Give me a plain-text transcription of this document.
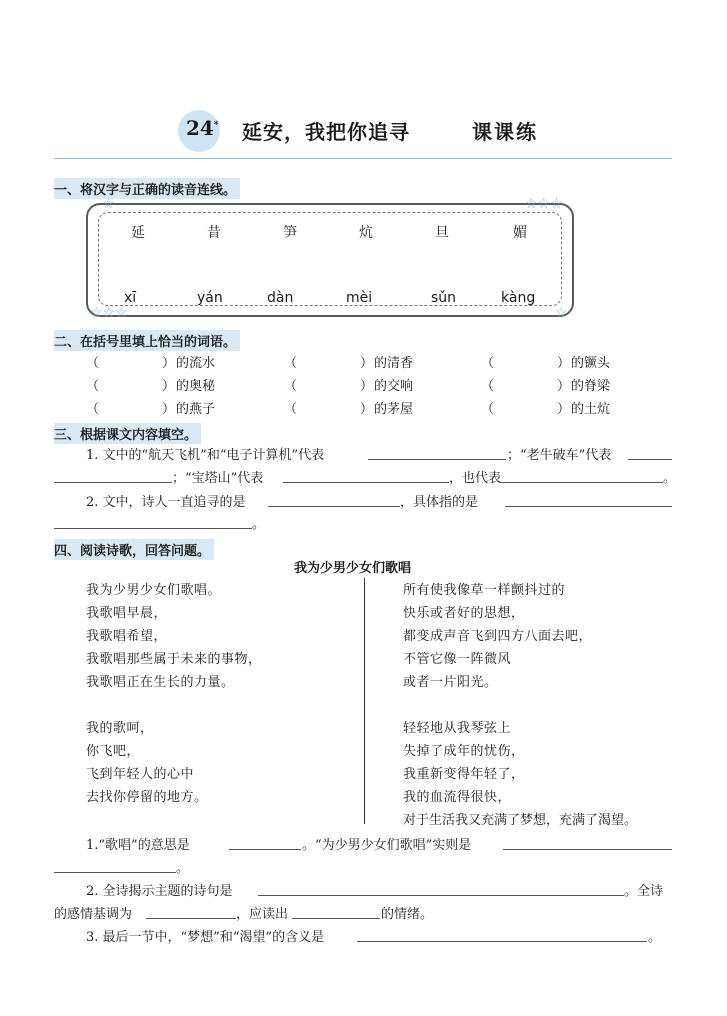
24* 延安，我把你追寻	课课练
一、将汉字与正确的读音连线。
☆	☆☆☆
☆☆☆	☆
延	昔	笋	炕	旦	媚
xī	yán	dàn	mèi	sǔn	kàng
二、在括号里填上恰当的词语。
（	） 的流水	（	） 的清香	（	） 的镢头
（	） 的奥秘	（	） 的交响	（	） 的脊梁
（	） 的燕子	（	） 的茅屋	（	） 的土炕
三、根据课文内容填空。
1. 文中的“航天飞机”和“电子计算机”代表	；“老牛破车”代表
；“宝塔山”代表	，也代表	。
2. 文中，诗人一直追寻的是	，具体指的是
。
四、阅读诗歌，回答问题。
我为少男少女们歌唱
我为少男少女们歌唱。
我歌唱早晨，
我歌唱希望，
我歌唱那些属于未来的事物，
我歌唱正在生长的力量。
我的歌呵，
你飞吧，
飞到年轻人的心中
去找你停留的地方。
所有使我像草一样颤抖过的
快乐或者好的思想，
都变成声音飞到四方八面去吧，
不管它像一阵微风
或者一片阳光。
轻轻地从我琴弦上
失掉了成年的忧伤，
我重新变得年轻了，
我的血流得很快，
对于生活我又充满了梦想，充满了渴望。
1.“歌唱”的意思是	。“为少男少女们歌唱”实则是
。
2. 全诗揭示主题的诗句是	。全诗
的感情基调为	，应读出	的情绪。
3. 最后一节中，“梦想”和“渴望”的含义是	。
